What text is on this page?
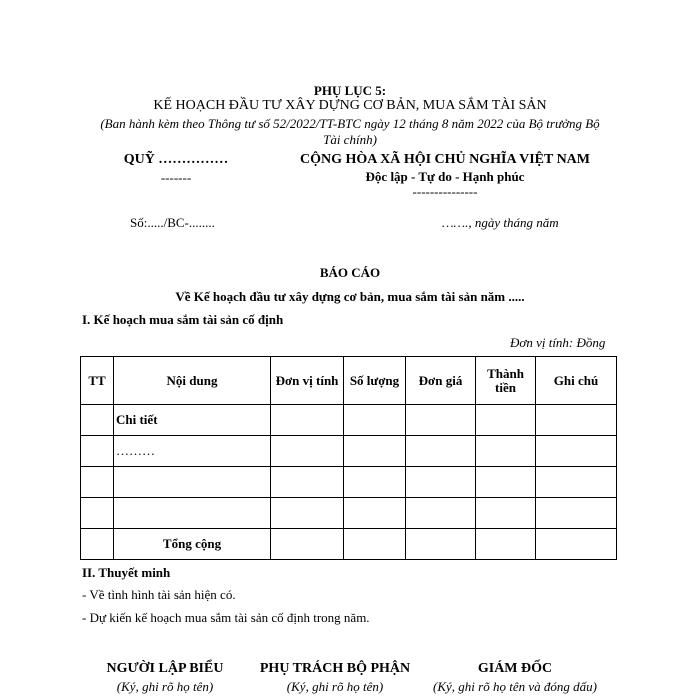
PHỤ LỤC 5:
KẾ HOẠCH ĐẦU TƯ XÂY DỰNG CƠ BẢN, MUA SẮM TÀI SẢN
(Ban hành kèm theo Thông tư số 52/2022/TT-BTC ngày 12 tháng 8 năm 2022 của Bộ trưởng Bộ
Tài chính)
QUỸ ……………
-------
CỘNG HÒA XÃ HỘI CHỦ NGHĨA VIỆT NAM
Độc lập - Tự do - Hạnh phúc
---------------
Số:...../BC-........	……., ngày tháng năm
BÁO CÁO
Về Kế hoạch đầu tư xây dựng cơ bản, mua sắm tài sản năm .....
I. Kế hoạch mua sắm tài sản cố định
Đơn vị tính: Đồng
TT	Nội dung	Đơn vị tính	Số lượng	Đơn giá	Thành tiền	Ghi chú
	Chi tiết					
	………					

	Tổng cộng					
II. Thuyết minh
- Về tình hình tài sản hiện có.
- Dự kiến kế hoạch mua sắm tài sản cố định trong năm.
NGƯỜI LẬP BIỂU
(Ký, ghi rõ họ tên)
PHỤ TRÁCH BỘ PHẬN
(Ký, ghi rõ họ tên)
GIÁM ĐỐC
(Ký, ghi rõ họ tên và đóng dấu)
